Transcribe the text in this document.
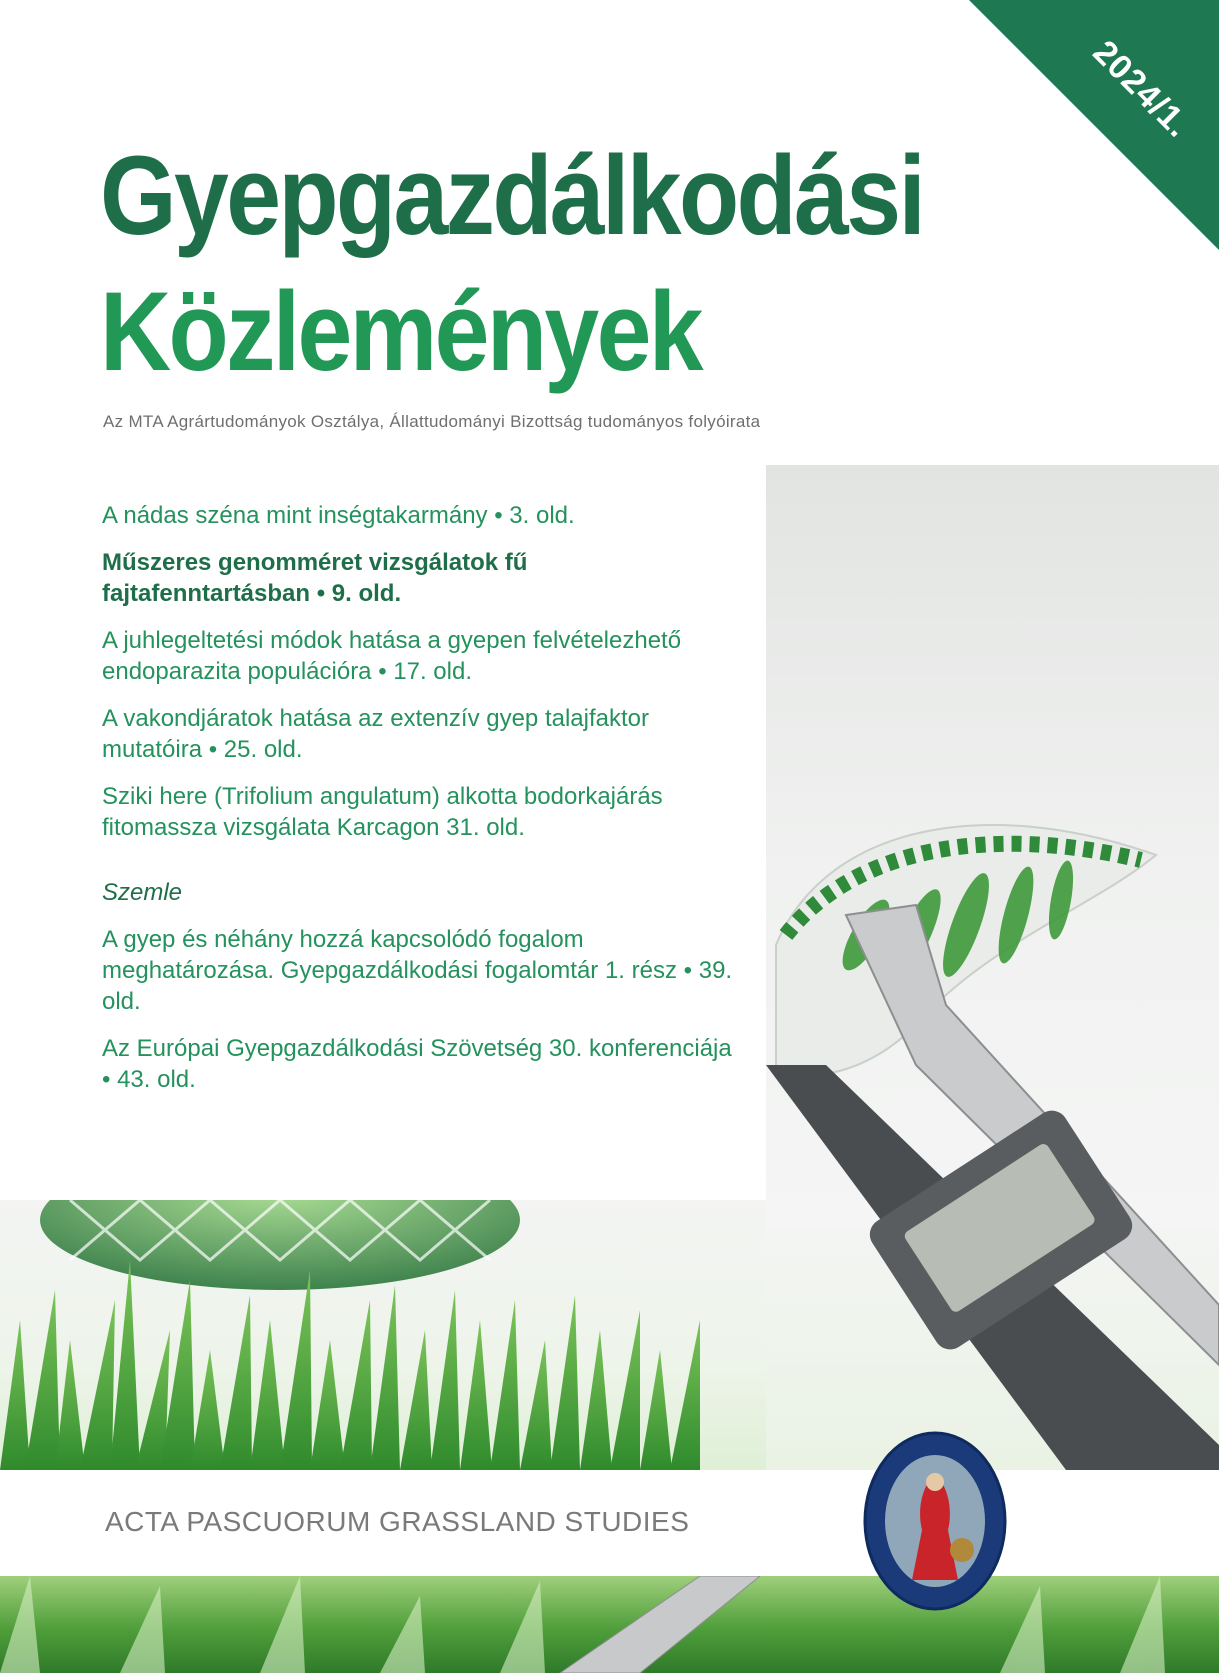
2024/1.
Gyepgazdálkodási
Közlemények
Az MTA Agrártudományok Osztálya, Állattudományi Bizottság tudományos folyóirata
A nádas széna mint inségtakarmány • 3. old.
Műszeres genomméret vizsgálatok fű fajtafenntartásban • 9. old.
A juhlegeltetési módok hatása a gyepen felvételezhető endoparazita populációra • 17. old.
A vakondjáratok hatása az extenzív gyep talajfaktor mutatóira • 25. old.
Sziki here (Trifolium angulatum) alkotta bodorkajárás fitomassza vizsgálata Karcagon 31. old.
Szemle
A gyep és néhány hozzá kapcsolódó fogalom meghatározása. Gyepgazdálkodási fogalomtár 1. rész • 39. old.
Az Európai Gyepgazdálkodási Szövetség 30. konferenciája • 43. old.
ACTA PASCUORUM GRASSLAND STUDIES
